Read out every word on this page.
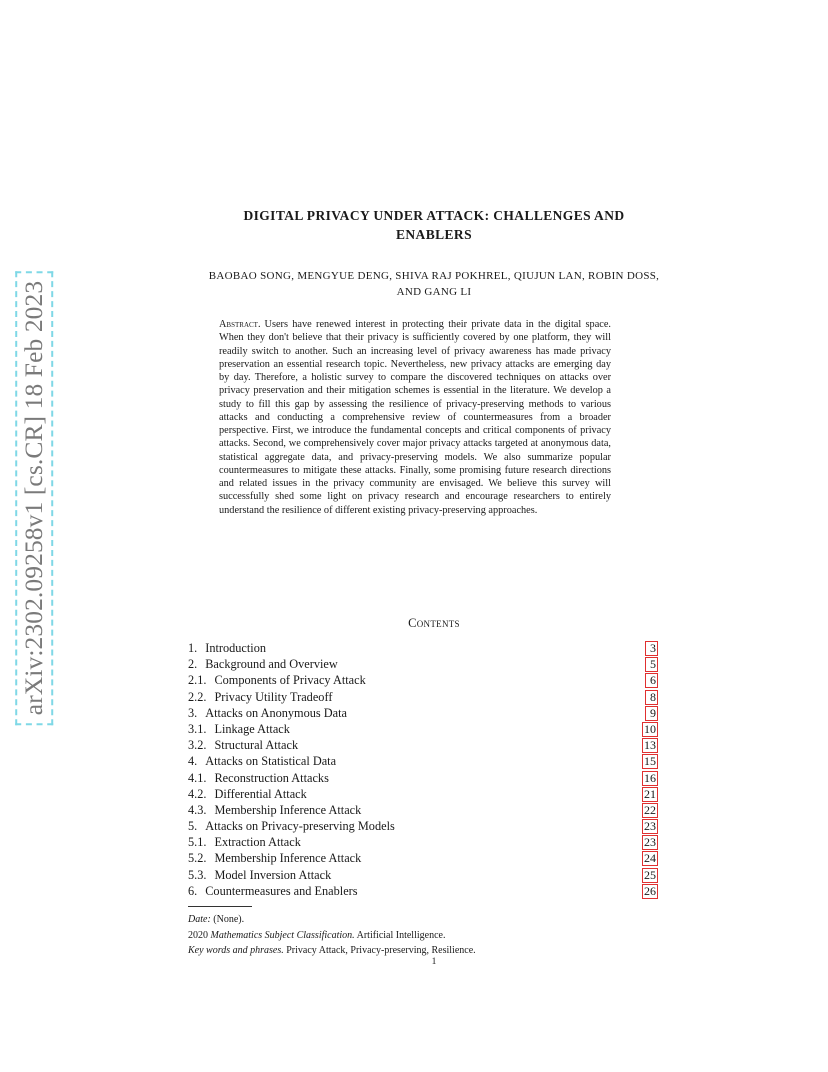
arXiv:2302.09258v1 [cs.CR] 18 Feb 2023
DIGITAL PRIVACY UNDER ATTACK: CHALLENGES AND
ENABLERS
BAOBAO SONG, MENGYUE DENG, SHIVA RAJ POKHREL, QIUJUN LAN, ROBIN DOSS,
AND GANG LI
Abstract. Users have renewed interest in protecting their private data in the digital space. When they don't believe that their privacy is sufficiently covered by one platform, they will readily switch to another. Such an increasing level of privacy awareness has made privacy preservation an essential research topic. Nevertheless, new privacy attacks are emerging day by day. Therefore, a holistic survey to compare the discovered techniques on attacks over privacy preservation and their mitigation schemes is essential in the literature. We develop a study to fill this gap by assessing the resilience of privacy-preserving methods to various attacks and conducting a comprehensive review of countermeasures from a broader perspective. First, we introduce the fundamental concepts and critical components of privacy attacks. Second, we comprehensively cover major privacy attacks targeted at anonymous data, statistical aggregate data, and privacy-preserving models. We also summarize popular countermeasures to mitigate these attacks. Finally, some promising future research directions and related issues in the privacy community are envisaged. We believe this survey will successfully shed some light on privacy research and encourage researchers to entirely understand the resilience of different existing privacy-preserving approaches.
Contents
1. Introduction	3
2. Background and Overview	5
2.1. Components of Privacy Attack	6
2.2. Privacy Utility Tradeoff	8
3. Attacks on Anonymous Data	9
3.1. Linkage Attack	10
3.2. Structural Attack	13
4. Attacks on Statistical Data	15
4.1. Reconstruction Attacks	16
4.2. Differential Attack	21
4.3. Membership Inference Attack	22
5. Attacks on Privacy-preserving Models	23
5.1. Extraction Attack	23
5.2. Membership Inference Attack	24
5.3. Model Inversion Attack	25
6. Countermeasures and Enablers	26
Date: (None).
2020 Mathematics Subject Classification. Artificial Intelligence.
Key words and phrases. Privacy Attack, Privacy-preserving, Resilience.
1
